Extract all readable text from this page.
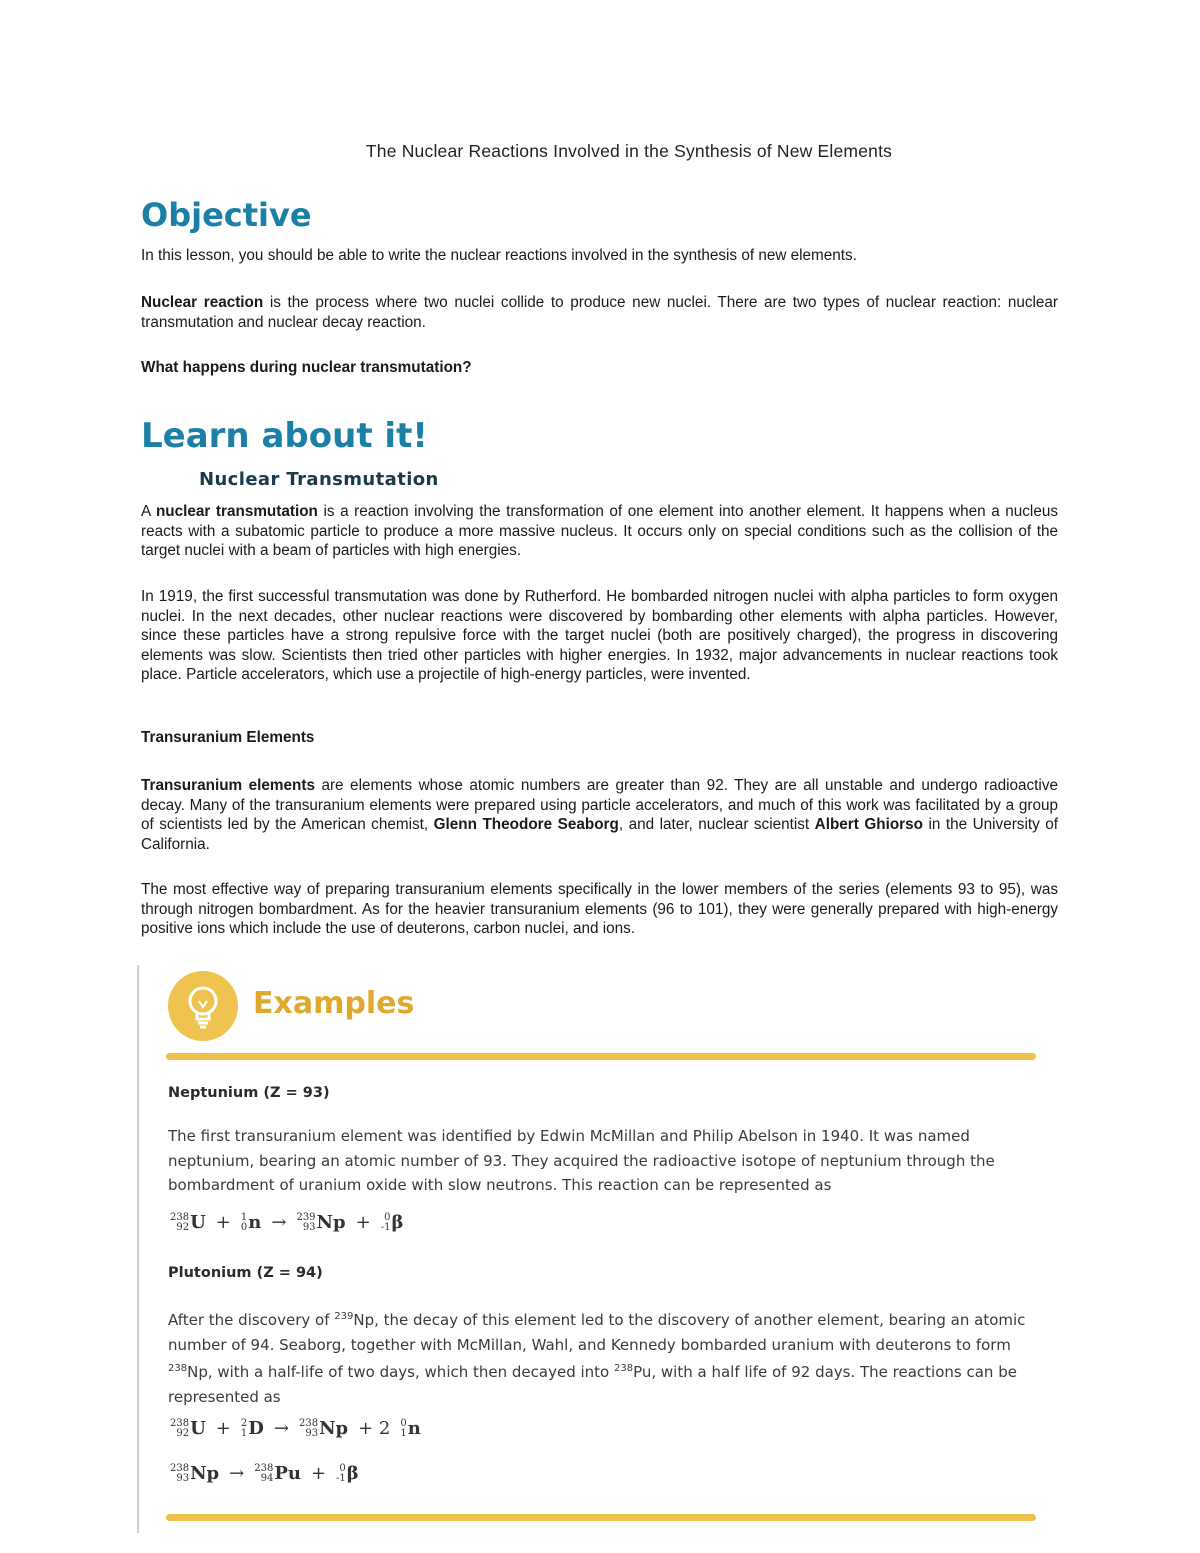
The Nuclear Reactions Involved in the Synthesis of New Elements
Objective

In this lesson, you should be able to write the nuclear reactions involved in the synthesis of new elements.

Nuclear reaction is the process where two nuclei collide to produce new nuclei. There are two types of nuclear reaction: nuclear transmutation and nuclear decay reaction.

What happens during nuclear transmutation?

Learn about it!
Nuclear Transmutation

A nuclear transmutation is a reaction involving the transformation of one element into another element. It happens when a nucleus reacts with a subatomic particle to produce a more massive nucleus. It occurs only on special conditions such as the collision of the target nuclei with a beam of particles with high energies.

In 1919, the first successful transmutation was done by Rutherford. He bombarded nitrogen nuclei with alpha particles to form oxygen nuclei. In the next decades, other nuclear reactions were discovered by bombarding other elements with alpha particles. However, since these particles have a strong repulsive force with the target nuclei (both are positively charged), the progress in discovering elements was slow. Scientists then tried other particles with higher energies. In 1932, major advancements in nuclear reactions took place. Particle accelerators, which use a projectile of high-energy particles, were invented.

Transuranium Elements

Transuranium elements are elements whose atomic numbers are greater than 92. They are all unstable and undergo radioactive decay. Many of the transuranium elements were prepared using particle accelerators, and much of this work was facilitated by a group of scientists led by the American chemist, Glenn Theodore Seaborg, and later, nuclear scientist Albert Ghiorso in the University of California.

The most effective way of preparing transuranium elements specifically in the lower members of the series (elements 93 to 95), was through nitrogen bombardment. As for the heavier transuranium elements (96 to 101), they were generally prepared with high-energy positive ions which include the use of deuterons, carbon nuclei, and ions.

Examples

Neptunium (Z = 93)

The first transuranium element was identified by Edwin McMillan and Philip Abelson in 1940. It was named neptunium, bearing an atomic number of 93. They acquired the radioactive isotope of neptunium through the bombardment of uranium oxide with slow neutrons. This reaction can be represented as

238
92 U +	1
0 n →	239
93 Np +	0
-1 β

Plutonium (Z = 94)

After the discovery of $^{239}$Np, the decay of this element led to the discovery of another element, bearing an atomic number of 94. Seaborg, together with McMillan, Wahl, and Kennedy bombarded uranium with deuterons to form $^{238}$Np, with a half-life of two days, which then decayed into $^{238}$Pu, with a half life of 92 days. The reactions can be represented as

238
92 U +	2
1 D →	238
93 Np + 2	0
1 n
238
93 Np →	238
94 Pu +	0
-1 β
